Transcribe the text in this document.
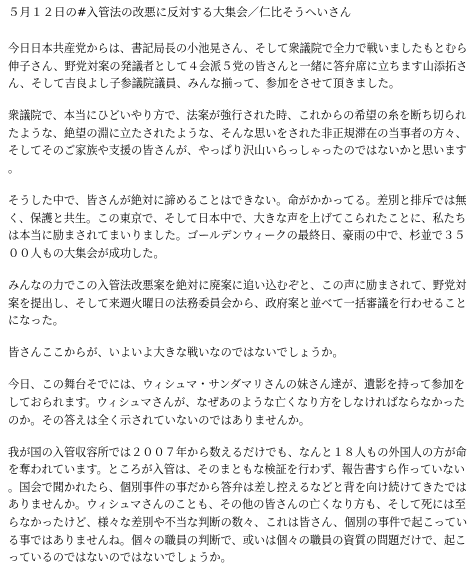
５月１２日の#入管法の改悪に反対する大集会／仁比そうへいさん

今日日本共産党からは、書記局長の小池晃さん、そして衆議院で全力で戦いましたもとむら伸子さん、野党対案の発議者として４会派５党の皆さんと一緒に答弁席に立ちます山添拓さん、そして吉良よし子参議院議員、みんな揃って、参加をさせて頂きました。

衆議院で、本当にひどいやり方で、法案が強行された時、これからの希望の糸を断ち切られたような、絶望の淵に立たされたような、そんな思いをされた非正規滞在の当事者の方々、そしてそのご家族や支援の皆さんが、やっぱり沢山いらっしゃったのではないかと思います。

そうした中で、皆さんが絶対に諦めることはできない。命がかかってる。差別と排斥では無く、保護と共生。この東京で、そして日本中で、大きな声を上げてこられたことに、私たちは本当に励まされてまいりました。ゴールデンウィークの最終日、豪雨の中で、杉並で３５００人もの大集会が成功した。

みんなの力でこの入管法改悪案を絶対に廃案に追い込むぞと、この声に励まされて、野党対案を提出し、そして来週火曜日の法務委員会から、政府案と並べて一括審議を行わせることになった。

皆さんここからが、いよいよ大きな戦いなのではないでしょうか。

今日、この舞台そでには、ウィシュマ・サンダマリさんの妹さん達が、遺影を持って参加をしておられます。ウィシュマさんが、なぜあのような亡くなり方をしなければならなかったのか。その答えは全く示されていないのではありませんか。

我が国の入管収容所では２００７年から数えるだけでも、なんと１８人もの外国人の方が命を奪われています。ところが入管は、そのまともな検証を行わず、報告書すら作っていない。国会で聞かれたら、個別事件の事だから答弁は差し控えるなどと背を向け続けてきたではありませんか。ウィシュマさんのことも、その他の皆さんの亡くなり方も、そして死には至らなかったけど、様々な差別や不当な判断の数々、これは皆さん、個別の事件で起こっている事ではありませんね。個々の職員の判断で、或いは個々の職員の資質の問題だけで、起こっているのではないのではないでしょうか。
